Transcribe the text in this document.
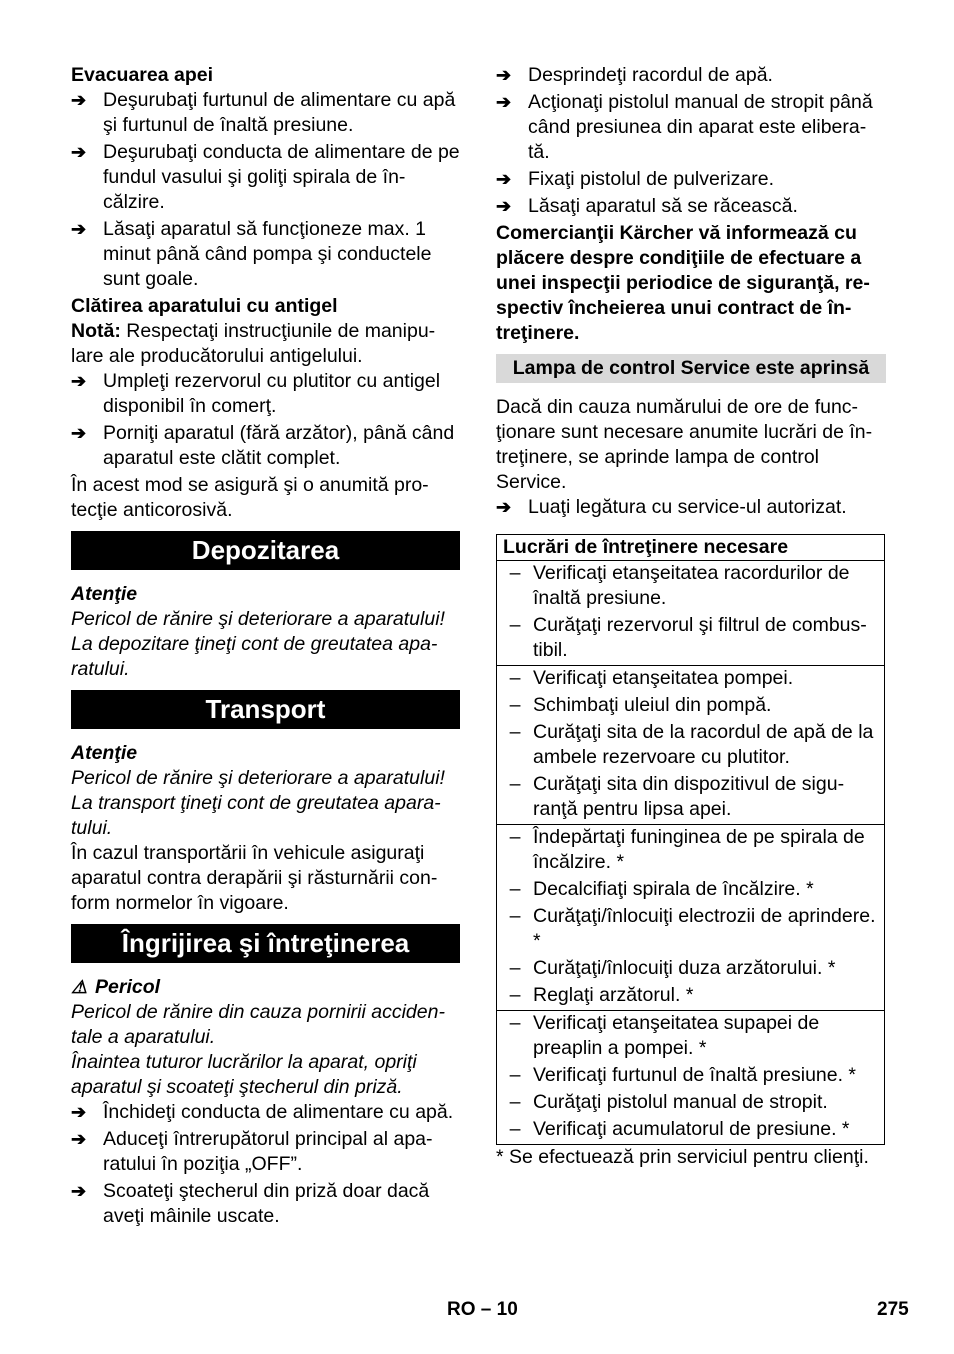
Evacuarea apei

➔ Deşurubaţi furtunul de alimentare cu apă şi furtunul de înaltă presiune.
➔ Deşurubaţi conducta de alimentare de pe fundul vasului şi goliţi spirala de în-călzire.
➔ Lăsaţi aparatul să funcţioneze max. 1 minut până când pompa şi conductele sunt goale.

Clătirea aparatului cu antigel

Notă: Respectaţi instrucţiunile de manipu-lare ale producătorului antigelului.

➔ Umpleţi rezervorul cu plutitor cu antigel disponibil în comerţ.
➔ Porniţi aparatul (fără arzător), până când aparatul este clătit complet.

În acest mod se asigură şi o anumită pro-tecţie anticorosivă.

Depozitarea

Atenţie

Pericol de rănire şi deteriorare a aparatului! La depozitare ţineţi cont de greutatea apa-ratului.

Transport

Atenţie

Pericol de rănire şi deteriorare a aparatului! La transport ţineţi cont de greutatea apara-tului.

În cazul transportării în vehicule asiguraţi aparatul contra derapării şi răsturnării con-form normelor în vigoare.

Îngrijirea şi întreţinerea

⚠ Pericol

Pericol de rănire din cauza pornirii acciden-tale a aparatului.

Înaintea tuturor lucrărilor la aparat, opriţi aparatul şi scoateţi ştecherul din priză.

➔ Închideţi conducta de alimentare cu apă.
➔ Aduceţi întrerupătorul principal al apa-ratului în poziţia „OFF”.
➔ Scoateţi ştecherul din priză doar dacă aveţi mâinile uscate.
➔ Desprindeţi racordul de apă.
➔ Acţionaţi pistolul manual de stropit până când presiunea din aparat este elibera-tă.
➔ Fixaţi pistolul de pulverizare.
➔ Lăsaţi aparatul să se răcească.

Comercianţii Kärcher vă informează cu plăcere despre condiţiile de efectuare a unei inspecţii periodice de siguranţă, re-spectiv încheierea unui contract de în-treţinere.

Lampa de control Service este aprinsă

Dacă din cauza numărului de ore de func-ţionare sunt necesare anumite lucrări de în-treţinere, se aprinde lampa de control Service.

➔ Luaţi legătura cu service-ul autorizat.
Lucrări de întreţinere necesare
– Verificaţi etanşeitatea racordurilor de înaltă presiune.
– Curăţaţi rezervorul şi filtrul de combus-tibil.
– Verificaţi etanşeitatea pompei.
– Schimbaţi uleiul din pompă.
– Curăţaţi sita de la racordul de apă de la ambele rezervoare cu plutitor.
– Curăţaţi sita din dispozitivul de sigu-ranţă pentru lipsa apei.
– Îndepărtaţi funinginea de pe spirala de încălzire. *
– Decalcifiaţi spirala de încălzire. *
– Curăţaţi/înlocuiţi electrozii de aprindere. *
– Curăţaţi/înlocuiţi duza arzătorului. *
– Reglaţi arzătorul. *
– Verificaţi etanşeitatea supapei de preaplin a pompei. *
– Verificaţi furtunul de înaltă presiune. *
– Curăţaţi pistolul manual de stropit.
– Verificaţi acumulatorul de presiune. *

* Se efectuează prin serviciul pentru clienţi.

RO – 10	275
